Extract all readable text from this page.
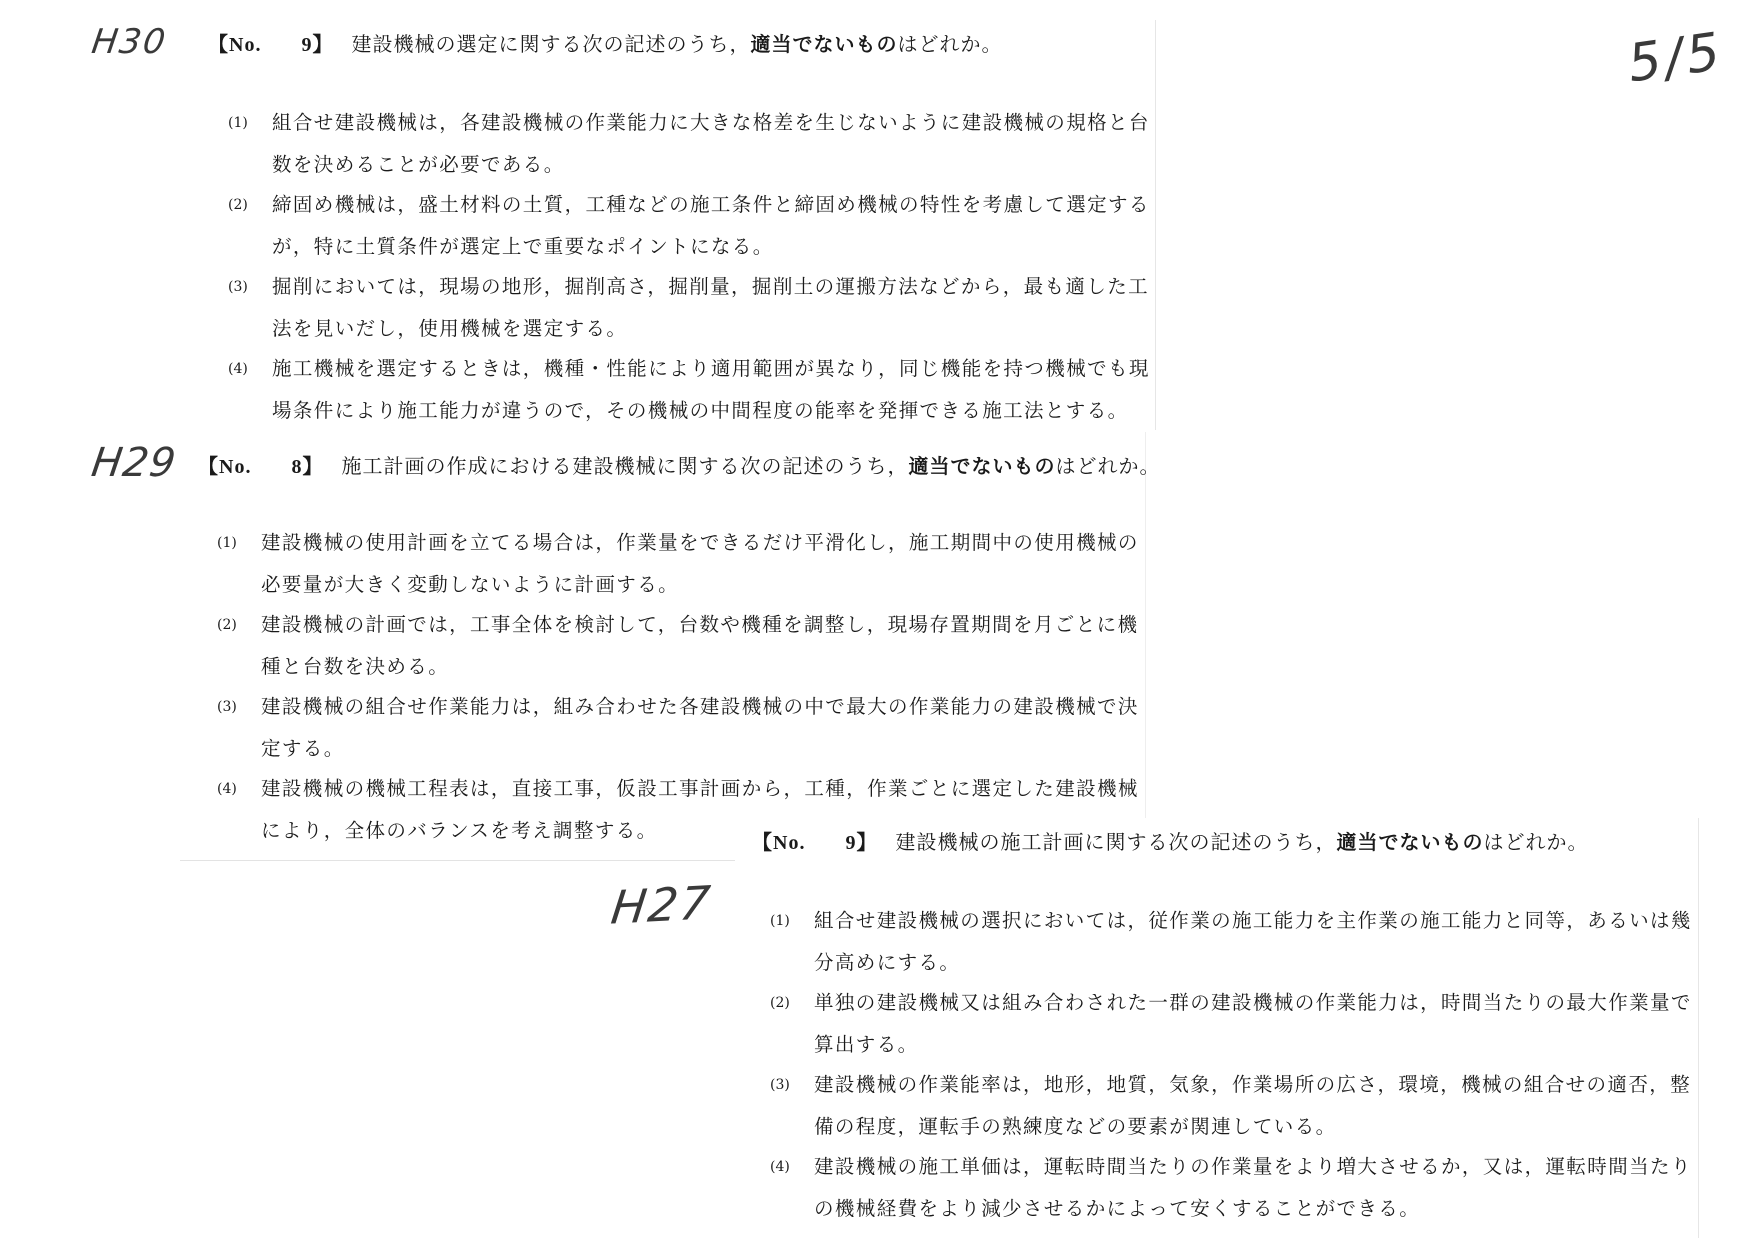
H30 【No. 9】 建設機械の選定に関する次の記述のうち，適当でないものはどれか。
(1)	組合せ建設機械は，各建設機械の作業能力に大きな格差を生じないように建設機械の規格と台
数を決めることが必要である。
(2)	締固め機械は，盛土材料の土質，工種などの施工条件と締固め機械の特性を考慮して選定する
が，特に土質条件が選定上で重要なポイントになる。
(3)	掘削においては，現場の地形，掘削高さ，掘削量，掘削土の運搬方法などから，最も適した工
法を見いだし，使用機械を選定する。
(4)	施工機械を選定するときは，機種・性能により適用範囲が異なり，同じ機能を持つ機械でも現
場条件により施工能力が違うので，その機械の中間程度の能率を発揮できる施工法とする。
H29 【No. 8】 施工計画の作成における建設機械に関する次の記述のうち，適当でないものはどれか。
(1)	建設機械の使用計画を立てる場合は，作業量をできるだけ平滑化し，施工期間中の使用機械の
必要量が大きく変動しないように計画する。
(2)	建設機械の計画では，工事全体を検討して，台数や機種を調整し，現場存置期間を月ごとに機
種と台数を決める。
(3)	建設機械の組合せ作業能力は，組み合わせた各建設機械の中で最大の作業能力の建設機械で決
定する。
(4)	建設機械の機械工程表は，直接工事，仮設工事計画から，工種，作業ごとに選定した建設機械
により，全体のバランスを考え調整する。
H27
【No. 9】 建設機械の施工計画に関する次の記述のうち，適当でないものはどれか。
(1)	組合せ建設機械の選択においては，従作業の施工能力を主作業の施工能力と同等，あるいは幾
分高めにする。
(2)	単独の建設機械又は組み合わされた一群の建設機械の作業能力は，時間当たりの最大作業量で
算出する。
(3)	建設機械の作業能率は，地形，地質，気象，作業場所の広さ，環境，機械の組合せの適否，整
備の程度，運転手の熟練度などの要素が関連している。
(4)	建設機械の施工単価は，運転時間当たりの作業量をより増大させるか，又は，運転時間当たり
の機械経費をより減少させるかによって安くすることができる。
5/5
